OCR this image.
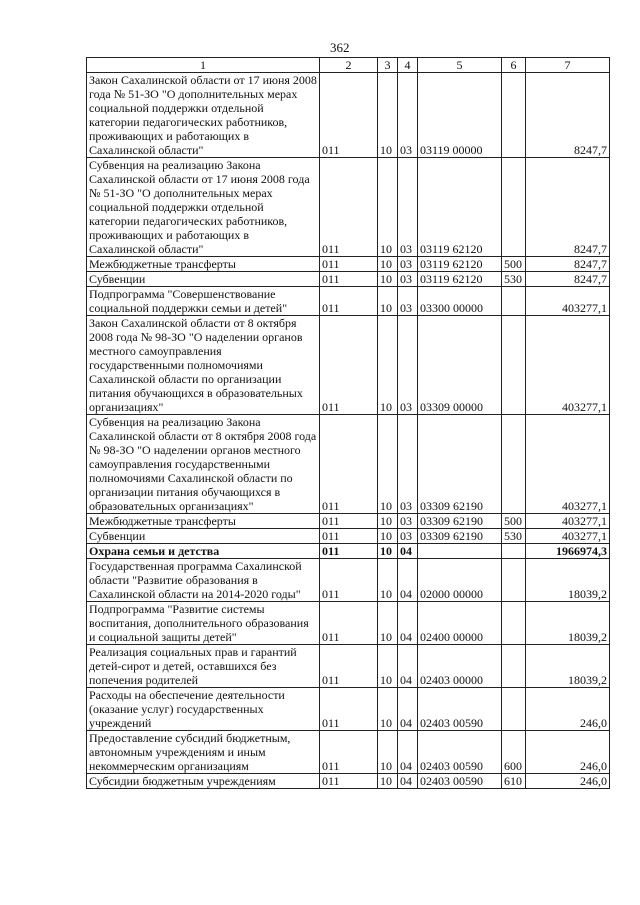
362
1	2	3	4	5	6	7
Закон Сахалинской области от 17 июня 2008 года № 51-ЗО "О дополнительных мерах социальной поддержки отдельной категории педагогических работников, проживающих и работающих в Сахалинской области"	011	10	03	03119 00000		8247,7
Субвенция на реализацию Закона Сахалинской области от 17 июня 2008 года № 51-ЗО "О дополнительных мерах социальной поддержки отдельной категории педагогических работников, проживающих и работающих в Сахалинской области"	011	10	03	03119 62120		8247,7
Межбюджетные трансферты	011	10	03	03119 62120	500	8247,7
Субвенции	011	10	03	03119 62120	530	8247,7
Подпрограмма "Совершенствование социальной поддержки семьи и детей"	011	10	03	03300 00000		403277,1
Закон Сахалинской области от 8 октября 2008 года № 98-ЗО "О наделении органов местного самоуправления государственными полномочиями Сахалинской области по организации питания обучающихся в образовательных организациях"	011	10	03	03309 00000		403277,1
Субвенция на реализацию Закона Сахалинской области от 8 октября 2008 года № 98-ЗО "О наделении органов местного самоуправления государственными полномочиями Сахалинской области по организации питания обучающихся в образовательных организациях"	011	10	03	03309 62190		403277,1
Межбюджетные трансферты	011	10	03	03309 62190	500	403277,1
Субвенции	011	10	03	03309 62190	530	403277,1
Охрана семьи и детства	011	10	04			1966974,3
Государственная программа Сахалинской области "Развитие образования в Сахалинской области на 2014-2020 годы"	011	10	04	02000 00000		18039,2
Подпрограмма "Развитие системы воспитания, дополнительного образования и социальной защиты детей"	011	10	04	02400 00000		18039,2
Реализация социальных прав и гарантий детей-сирот и детей, оставшихся без попечения родителей	011	10	04	02403 00000		18039,2
Расходы на обеспечение деятельности (оказание услуг) государственных учреждений	011	10	04	02403 00590		246,0
Предоставление субсидий бюджетным, автономным учреждениям и иным некоммерческим организациям	011	10	04	02403 00590	600	246,0
Субсидии бюджетным учреждениям	011	10	04	02403 00590	610	246,0
